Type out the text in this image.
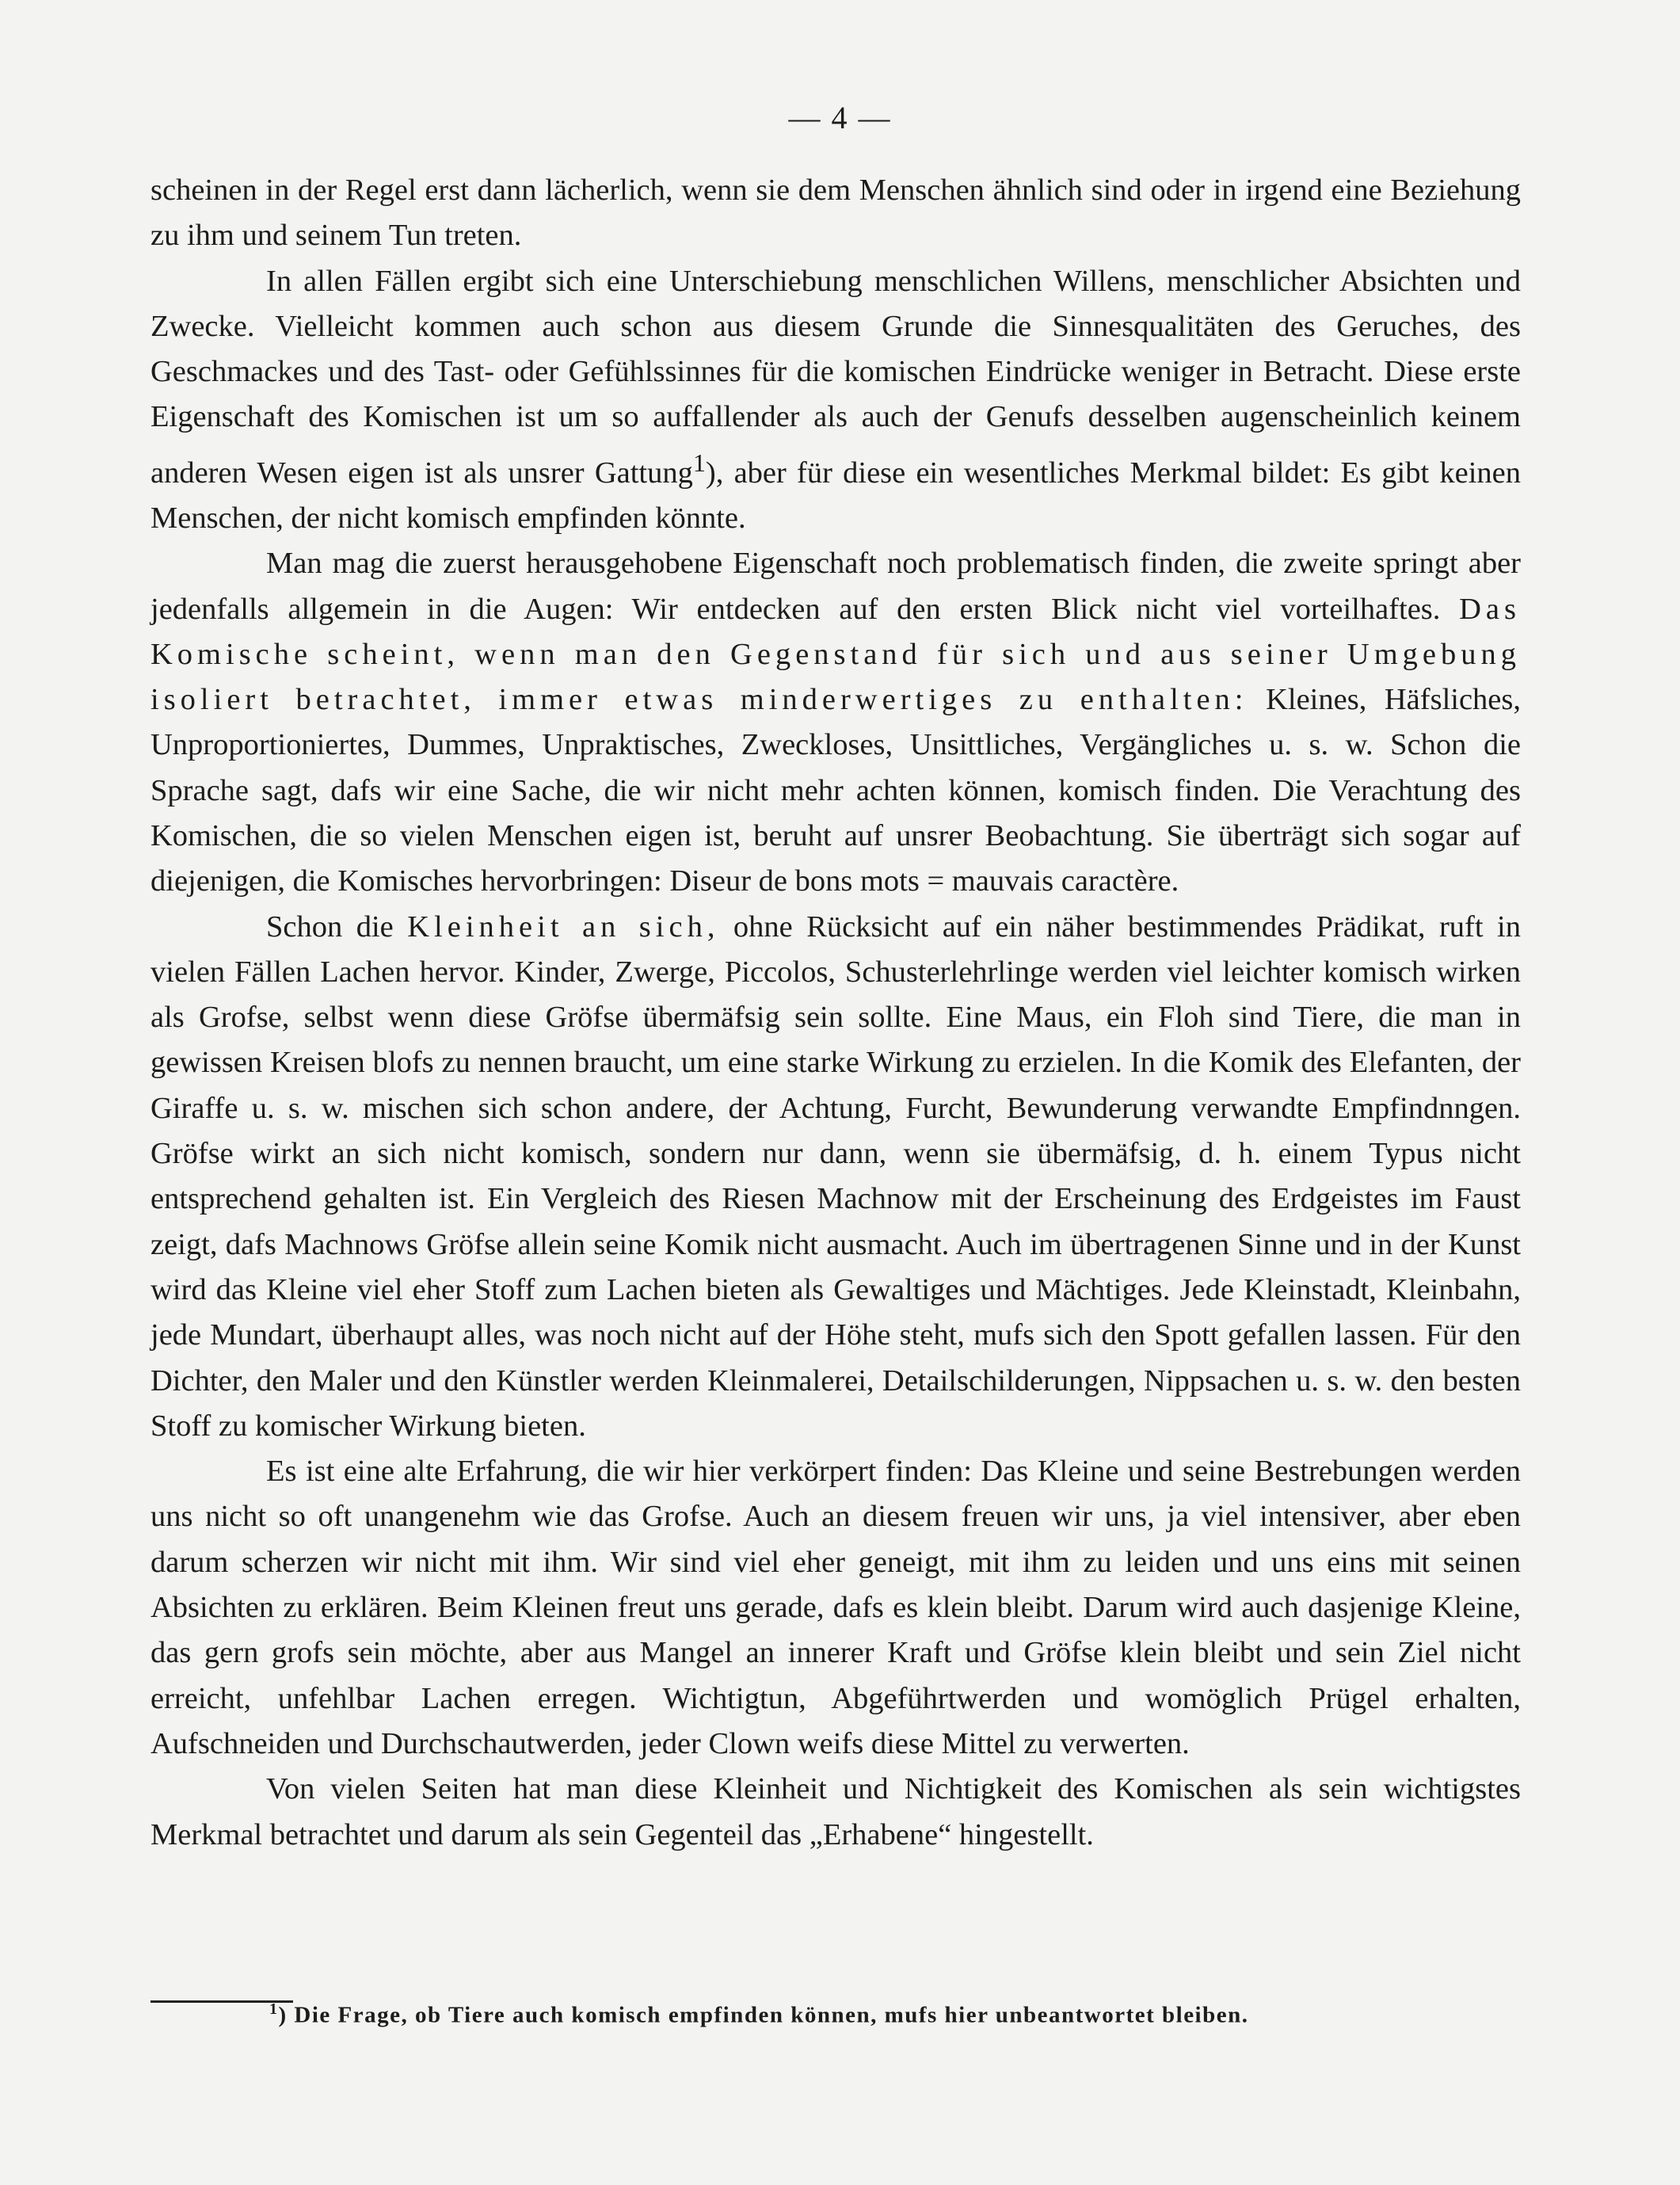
— 4 —

scheinen in der Regel erst dann lächerlich, wenn sie dem Menschen ähnlich sind oder in irgend eine Beziehung zu ihm und seinem Tun treten.

In allen Fällen ergibt sich eine Unterschiebung menschlichen Willens, menschlicher Absichten und Zwecke. Vielleicht kommen auch schon aus diesem Grunde die Sinnesqualitäten des Geruches, des Geschmackes und des Tast- oder Gefühlssinnes für die komischen Eindrücke weniger in Betracht. Diese erste Eigenschaft des Komischen ist um so auffallender als auch der Genufs desselben augenscheinlich keinem anderen Wesen eigen ist als unsrer Gattung$^1$), aber für diese ein wesentliches Merkmal bildet: Es gibt keinen Menschen, der nicht komisch empfinden könnte.

Man mag die zuerst herausgehobene Eigenschaft noch problematisch finden, die zweite springt aber jedenfalls allgemein in die Augen: Wir entdecken auf den ersten Blick nicht viel vorteilhaftes. Das Komische scheint, wenn man den Gegenstand für sich und aus seiner Umgebung isoliert betrachtet, immer etwas minderwertiges zu enthalten: Kleines, Häfsliches, Unproportioniertes, Dummes, Unpraktisches, Zweckloses, Unsittliches, Vergängliches u. s. w. Schon die Sprache sagt, dafs wir eine Sache, die wir nicht mehr achten können, komisch finden. Die Verachtung des Komischen, die so vielen Menschen eigen ist, beruht auf unsrer Beobachtung. Sie überträgt sich sogar auf diejenigen, die Komisches hervorbringen: Diseur de bons mots = mauvais caractère.

Schon die Kleinheit an sich, ohne Rücksicht auf ein näher bestimmendes Prädikat, ruft in vielen Fällen Lachen hervor. Kinder, Zwerge, Piccolos, Schusterlehrlinge werden viel leichter komisch wirken als Grofse, selbst wenn diese Gröfse übermäfsig sein sollte. Eine Maus, ein Floh sind Tiere, die man in gewissen Kreisen blofs zu nennen braucht, um eine starke Wirkung zu erzielen. In die Komik des Elefanten, der Giraffe u. s. w. mischen sich schon andere, der Achtung, Furcht, Bewunderung verwandte Empfindnngen. Gröfse wirkt an sich nicht komisch, sondern nur dann, wenn sie übermäfsig, d. h. einem Typus nicht entsprechend gehalten ist. Ein Vergleich des Riesen Machnow mit der Erscheinung des Erdgeistes im Faust zeigt, dafs Machnows Gröfse allein seine Komik nicht ausmacht. Auch im übertragenen Sinne und in der Kunst wird das Kleine viel eher Stoff zum Lachen bieten als Gewaltiges und Mächtiges. Jede Kleinstadt, Kleinbahn, jede Mundart, überhaupt alles, was noch nicht auf der Höhe steht, mufs sich den Spott gefallen lassen. Für den Dichter, den Maler und den Künstler werden Kleinmalerei, Detailschilderungen, Nippsachen u. s. w. den besten Stoff zu komischer Wirkung bieten.

Es ist eine alte Erfahrung, die wir hier verkörpert finden: Das Kleine und seine Bestrebungen werden uns nicht so oft unangenehm wie das Grofse. Auch an diesem freuen wir uns, ja viel intensiver, aber eben darum scherzen wir nicht mit ihm. Wir sind viel eher geneigt, mit ihm zu leiden und uns eins mit seinen Absichten zu erklären. Beim Kleinen freut uns gerade, dafs es klein bleibt. Darum wird auch dasjenige Kleine, das gern grofs sein möchte, aber aus Mangel an innerer Kraft und Gröfse klein bleibt und sein Ziel nicht erreicht, unfehlbar Lachen erregen. Wichtigtun, Abgeführtwerden und womöglich Prügel erhalten, Aufschneiden und Durchschautwerden, jeder Clown weifs diese Mittel zu verwerten.

Von vielen Seiten hat man diese Kleinheit und Nichtigkeit des Komischen als sein wichtigstes Merkmal betrachtet und darum als sein Gegenteil das „Erhabene“ hingestellt.

$^1$) Die Frage, ob Tiere auch komisch empfinden können, mufs hier unbeantwortet bleiben.
